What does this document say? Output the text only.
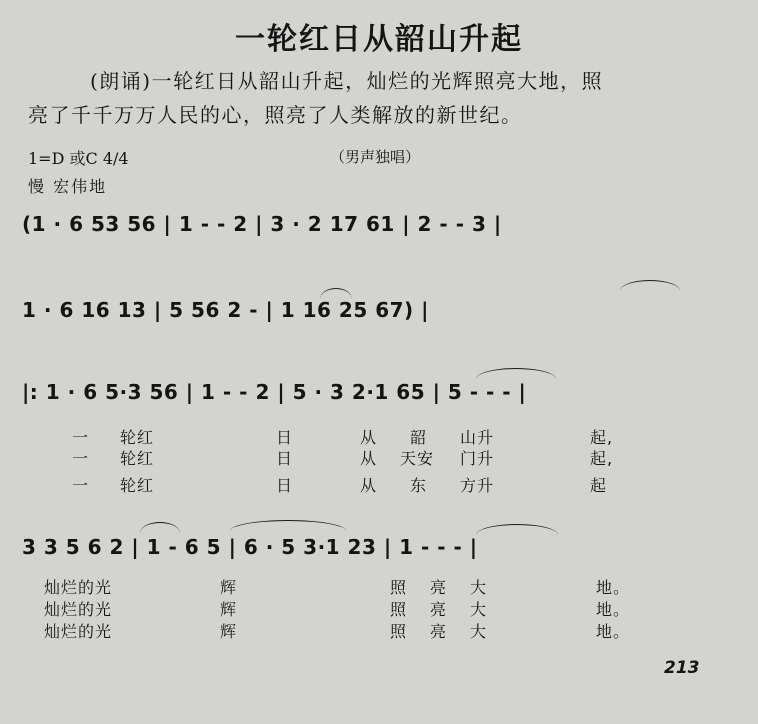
一轮红日从韶山升起
(朗诵)一轮红日从韶山升起，灿烂的光辉照亮大地，照
亮了千千万万人民的心，照亮了人类解放的新世纪。
1=D 或C 4/4	（男声独唱）
慢 宏伟地
(1 · 6 53 56 | 1 - - 2 | 3 · 2 17 61 | 2 - - 3 |
1 · 6 16 13 | 5 56 2 - | 1 16 25 67) |
|: 1 · 6 5·3 56 | 1 - - 2 | 5 · 3 2·1 65 | 5 - - - |
一 轮红	日	从 韶 山升	起,
一 轮红	日	从 天安 门升	起,
一 轮红	日	从 东 方升	起
3 3 5 6 2 | 1 - 6 5 | 6 · 5 3·1 23 | 1 - - - |
灿烂的光	辉	照 亮 大	地。
灿烂的光	辉	照 亮 大	地。
灿烂的光	辉	照 亮 大	地。
213
